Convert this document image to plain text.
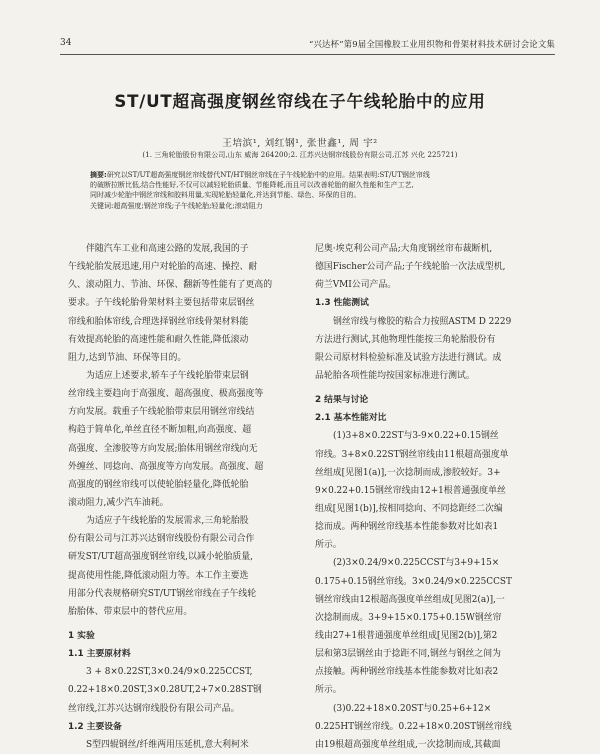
34	“兴达杯”第9届全国橡胶工业用织物和骨架材料技术研讨会论文集
ST/UT超高强度钢丝帘线在子午线轮胎中的应用
王培滨¹, 刘红钢¹, 张世鑫¹, 周 宇²
(1. 三角轮胎股份有限公司,山东 威海 264200;2. 江苏兴达钢帘线股份有限公司,江苏 兴化 225721)
摘要:研究以ST/UT超高强度钢丝帘线替代NT/HT钢丝帘线在子午线轮胎中的应用。结果表明:ST/UT钢丝帘线
的破断拉断比低,结合性能好,不仅可以减轻轮胎质量、节能降耗,而且可以改善轮胎的耐久性能和生产工艺,
同时减少轮胎中钢丝帘线和胶料用量,实现轮胎轻量化,并达到节能、绿色、环保的目的。
关键词:超高强度;钢丝帘线;子午线轮胎;轻量化;滚动阻力
伴随汽车工业和高速公路的发展,我国的子
午线轮胎发展迅速,用户对轮胎的高速、操控、耐
久、滚动阻力、节油、环保、翻新等性能有了更高的
要求。子午线轮胎骨架材料主要包括带束层钢丝
帘线和胎体帘线,合理选择钢丝帘线骨架材料能
有效提高轮胎的高速性能和耐久性能,降低滚动
阻力,达到节油、环保等目的。
为适应上述要求,轿车子午线轮胎带束层钢
丝帘线主要趋向于高强度、超高强度、极高强度等
方向发展。载重子午线轮胎带束层用钢丝帘线结
构趋于简单化,单丝直径不断加粗,向高强度、超
高强度、全渗胶等方向发展;胎体用钢丝帘线向无
外缠丝、同捻向、高强度等方向发展。高强度、超
高强度的钢丝帘线可以使轮胎轻量化,降低轮胎
滚动阻力,减少汽车油耗。
为适应子午线轮胎的发展需求,三角轮胎股
份有限公司与江苏兴达钢帘线股份有限公司合作
研发ST/UT超高强度钢丝帘线,以减小轮胎质量,
提高使用性能,降低滚动阻力等。本工作主要选
用部分代表规格研究ST/UT钢丝帘线在子午线轮
胎胎体、带束层中的替代应用。
1 实验
1.1 主要原材料
3 + 8×0.22ST,3×0.24/9×0.225CCST,
0.22+18×0.20ST,3×0.28UT,2+7×0.28ST钢
丝帘线,江苏兴达钢帘线股份有限公司产品。
1.2 主要设备
S型四辊钢丝/纤维两用压延机,意大利柯米
尼奥·埃克利公司产品;大角度钢丝帘布裁断机,
德国Fischer公司产品;子午线轮胎一次法成型机,
荷兰VMI公司产品。
1.3 性能测试
钢丝帘线与橡胶的粘合力按照ASTM D 2229
方法进行测试,其他物理性能按三角轮胎股份有
限公司原材料检验标准及试验方法进行测试。成
品轮胎各项性能均按国家标准进行测试。
2 结果与讨论
2.1 基本性能对比
(1)3+8×0.22ST与3-9×0.22+0.15钢丝
帘线。3+8×0.22ST钢丝帘线由11根超高强度单
丝组成[见图1(a)],一次捻制而成,渗胶较好。3+
9×0.22+0.15钢丝帘线由12+1根普通强度单丝
组成[见图1(b)],按相同捻向、不同捻距经二次编
捻而成。两种钢丝帘线基本性能参数对比如表1
所示。
(2)3×0.24/9×0.225CCST与3+9+15×
0.175+0.15钢丝帘线。3×0.24/9×0.225CCST
钢丝帘线由12根超高强度单丝组成[见图2(a)],一
次捻制而成。3+9+15×0.175+0.15W钢丝帘
线由27+1根普通强度单丝组成[见图2(b)],第2
层和第3层钢丝由于捻距不同,钢丝与钢丝之间为
点接触。两种钢丝帘线基本性能参数对比如表2
所示。
(3)0.22+18×0.20ST与0.25+6+12×
0.225HT钢丝帘线。0.22+18×0.20ST钢丝帘线
由19根超高强度单丝组成,一次捻制而成,其截面
